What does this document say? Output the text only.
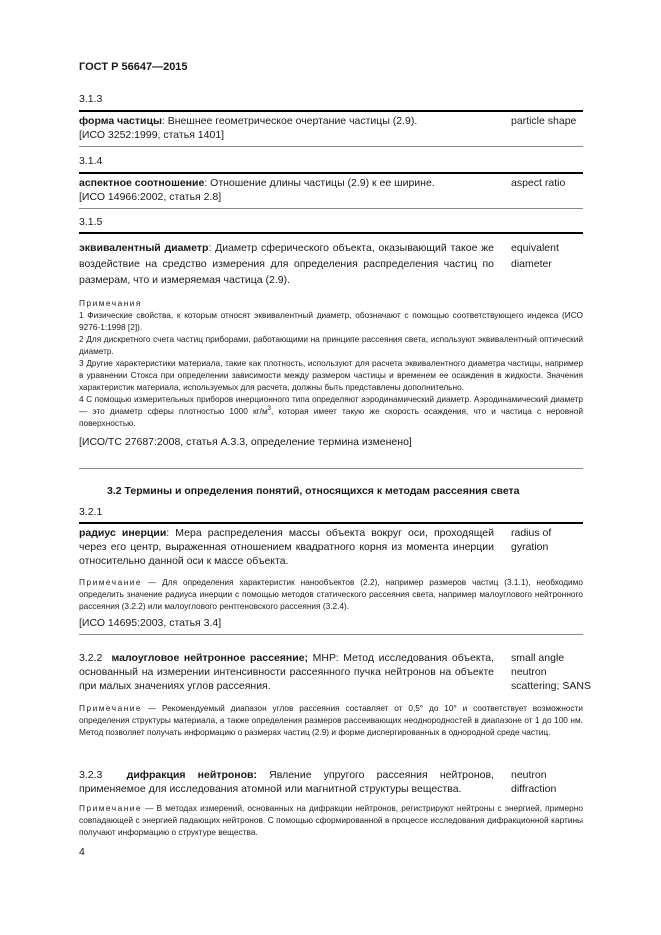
ГОСТ Р 56647—2015
3.1.3
форма частицы: Внешнее геометрическое очертание частицы (2.9).	particle shape
[ИСО 3252:1999, статья 1401]
3.1.4
аспектное соотношение: Отношение длины частицы (2.9) к ее ширине.	aspect ratio
[ИСО 14966:2002, статья 2.8]
3.1.5
эквивалентный диаметр: Диаметр сферического объекта, оказывающий такое же воздействие на средство измерения для определения распределения частиц по размерам, что и измеряемая частица (2.9).
equivalent diameter
Примечания
1 Физические свойства, к которым относят эквивалентный диаметр, обозначают с помощью соответствующего индекса (ИСО 9276-1:1998 [2]).
2 Для дискретного счета частиц приборами, работающими на принципе рассеяния света, используют эквивалентный оптический диаметр.
3 Другие характеристики материала, такие как плотность, используют для расчета эквивалентного диаметра частицы, например в уравнении Стокса при определении зависимости между размером частицы и временем ее осаждения в жидкости. Значения характеристик материала, используемых для расчета, должны быть представлены дополнительно.
4 С помощью измерительных приборов инерционного типа определяют аэродинамический диаметр. Аэродинамический диаметр — это диаметр сферы плотностью 1000 $кг/м^3$, которая имеет такую же скорость осаждения, что и частица с неровной поверхностью.
[ИСО/ТС 27687:2008, статья А.3.3, определение термина изменено]
3.2 Термины и определения понятий, относящихся к методам рассеяния света
3.2.1
радиус инерции: Мера распределения массы объекта вокруг оси, проходящей через его центр, выраженная отношением квадратного корня из момента инерции относительно данной оси к массе объекта.
radius of gyration
Примечание — Для определения характеристик нанообъектов (2.2), например размеров частиц (3.1.1), необходимо определить значение радиуса инерции с помощью методов статического рассеяния света, например малоуглового нейтронного рассеяния (3.2.2) или малоуглового рентгеновского рассеяния (3.2.4).
[ИСО 14695:2003, статья 3.4]
3.2.2 малоугловое нейтронное рассеяние; МНР: Метод исследования объекта, основанный на измерении интенсивности рассеянного пучка нейтронов на объекте при малых значениях углов рассеяния.
small angle neutron scattering; SANS
Примечание — Рекомендуемый диапазон углов рассеяния составляет от 0,5° до 10° и соответствует возможности определения структуры материала, а также определения размеров рассеивающих неоднородностей в диапазоне от 1 до 100 нм. Метод позволяет получать информацию о размерах частиц (2.9) и форме диспергированных в однородной среде частиц.
3.2.3 дифракция нейтронов: Явление упругого рассеяния нейтронов, применяемое для исследования атомной или магнитной структуры вещества.
neutron diffraction
Примечание — В методах измерений, основанных на дифракции нейтронов, регистрируют нейтроны с энергией, примерно совпадающей с энергией падающих нейтронов. С помощью сформированной в процессе исследования дифракционной картины получают информацию о структуре вещества.
4
